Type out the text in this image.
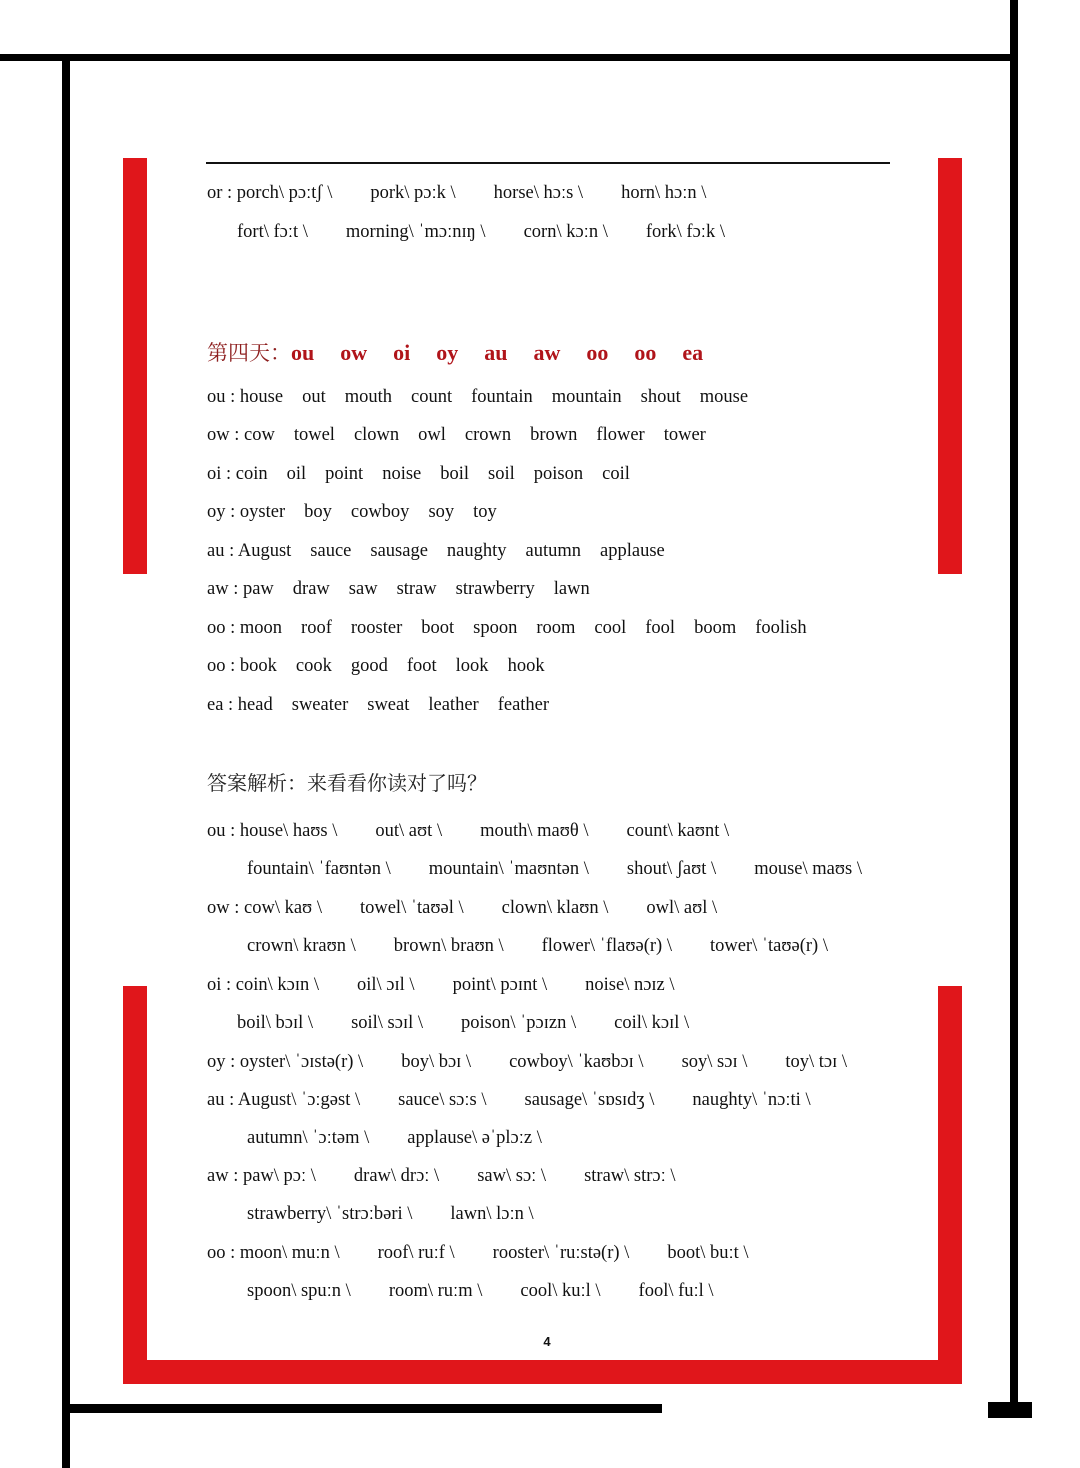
or : porch\ pɔːtʃ \ pork\ pɔːk \ horse\ hɔːs \ horn\ hɔːn \
fort\ fɔːt \ morning\ ˈmɔːnɪŋ \ corn\ kɔːn \ fork\ fɔːk \
第四天：ou ow oi oy au aw oo oo ea
ou : house out mouth count fountain mountain shout mouse
ow : cow towel clown owl crown brown flower tower
oi : coin oil point noise boil soil poison coil
oy : oyster boy cowboy soy toy
au : August sauce sausage naughty autumn applause
aw : paw draw saw straw strawberry lawn
oo : moon roof rooster boot spoon room cool fool boom foolish
oo : book cook good foot look hook
ea : head sweater sweat leather feather
答案解析：来看看你读对了吗？
ou : house\ haʊs \ out\ aʊt \ mouth\ maʊθ \ count\ kaʊnt \
fountain\ ˈfaʊntən \ mountain\ ˈmaʊntən \ shout\ ʃaʊt \ mouse\ maʊs \
ow : cow\ kaʊ \ towel\ ˈtaʊəl \ clown\ klaʊn \ owl\ aʊl \
crown\ kraʊn \ brown\ braʊn \ flower\ ˈflaʊə(r) \ tower\ ˈtaʊə(r) \
oi : coin\ kɔɪn \ oil\ ɔɪl \ point\ pɔɪnt \ noise\ nɔɪz \
boil\ bɔɪl \ soil\ sɔɪl \ poison\ ˈpɔɪzn \ coil\ kɔɪl \
oy : oyster\ ˈɔɪstə(r) \ boy\ bɔɪ \ cowboy\ ˈkaʊbɔɪ \ soy\ sɔɪ \ toy\ tɔɪ \
au : August\ ˈɔːgəst \ sauce\ sɔːs \ sausage\ ˈsɒsɪdʒ \ naughty\ ˈnɔːti \
autumn\ ˈɔːtəm \ applause\ əˈplɔːz \
aw : paw\ pɔː \ draw\ drɔː \ saw\ sɔː \ straw\ strɔː \
strawberry\ ˈstrɔːbəri \ lawn\ lɔːn \
oo : moon\ muːn \ roof\ ruːf \ rooster\ ˈruːstə(r) \ boot\ buːt \
spoon\ spuːn \ room\ ruːm \ cool\ kuːl \ fool\ fuːl \
4
